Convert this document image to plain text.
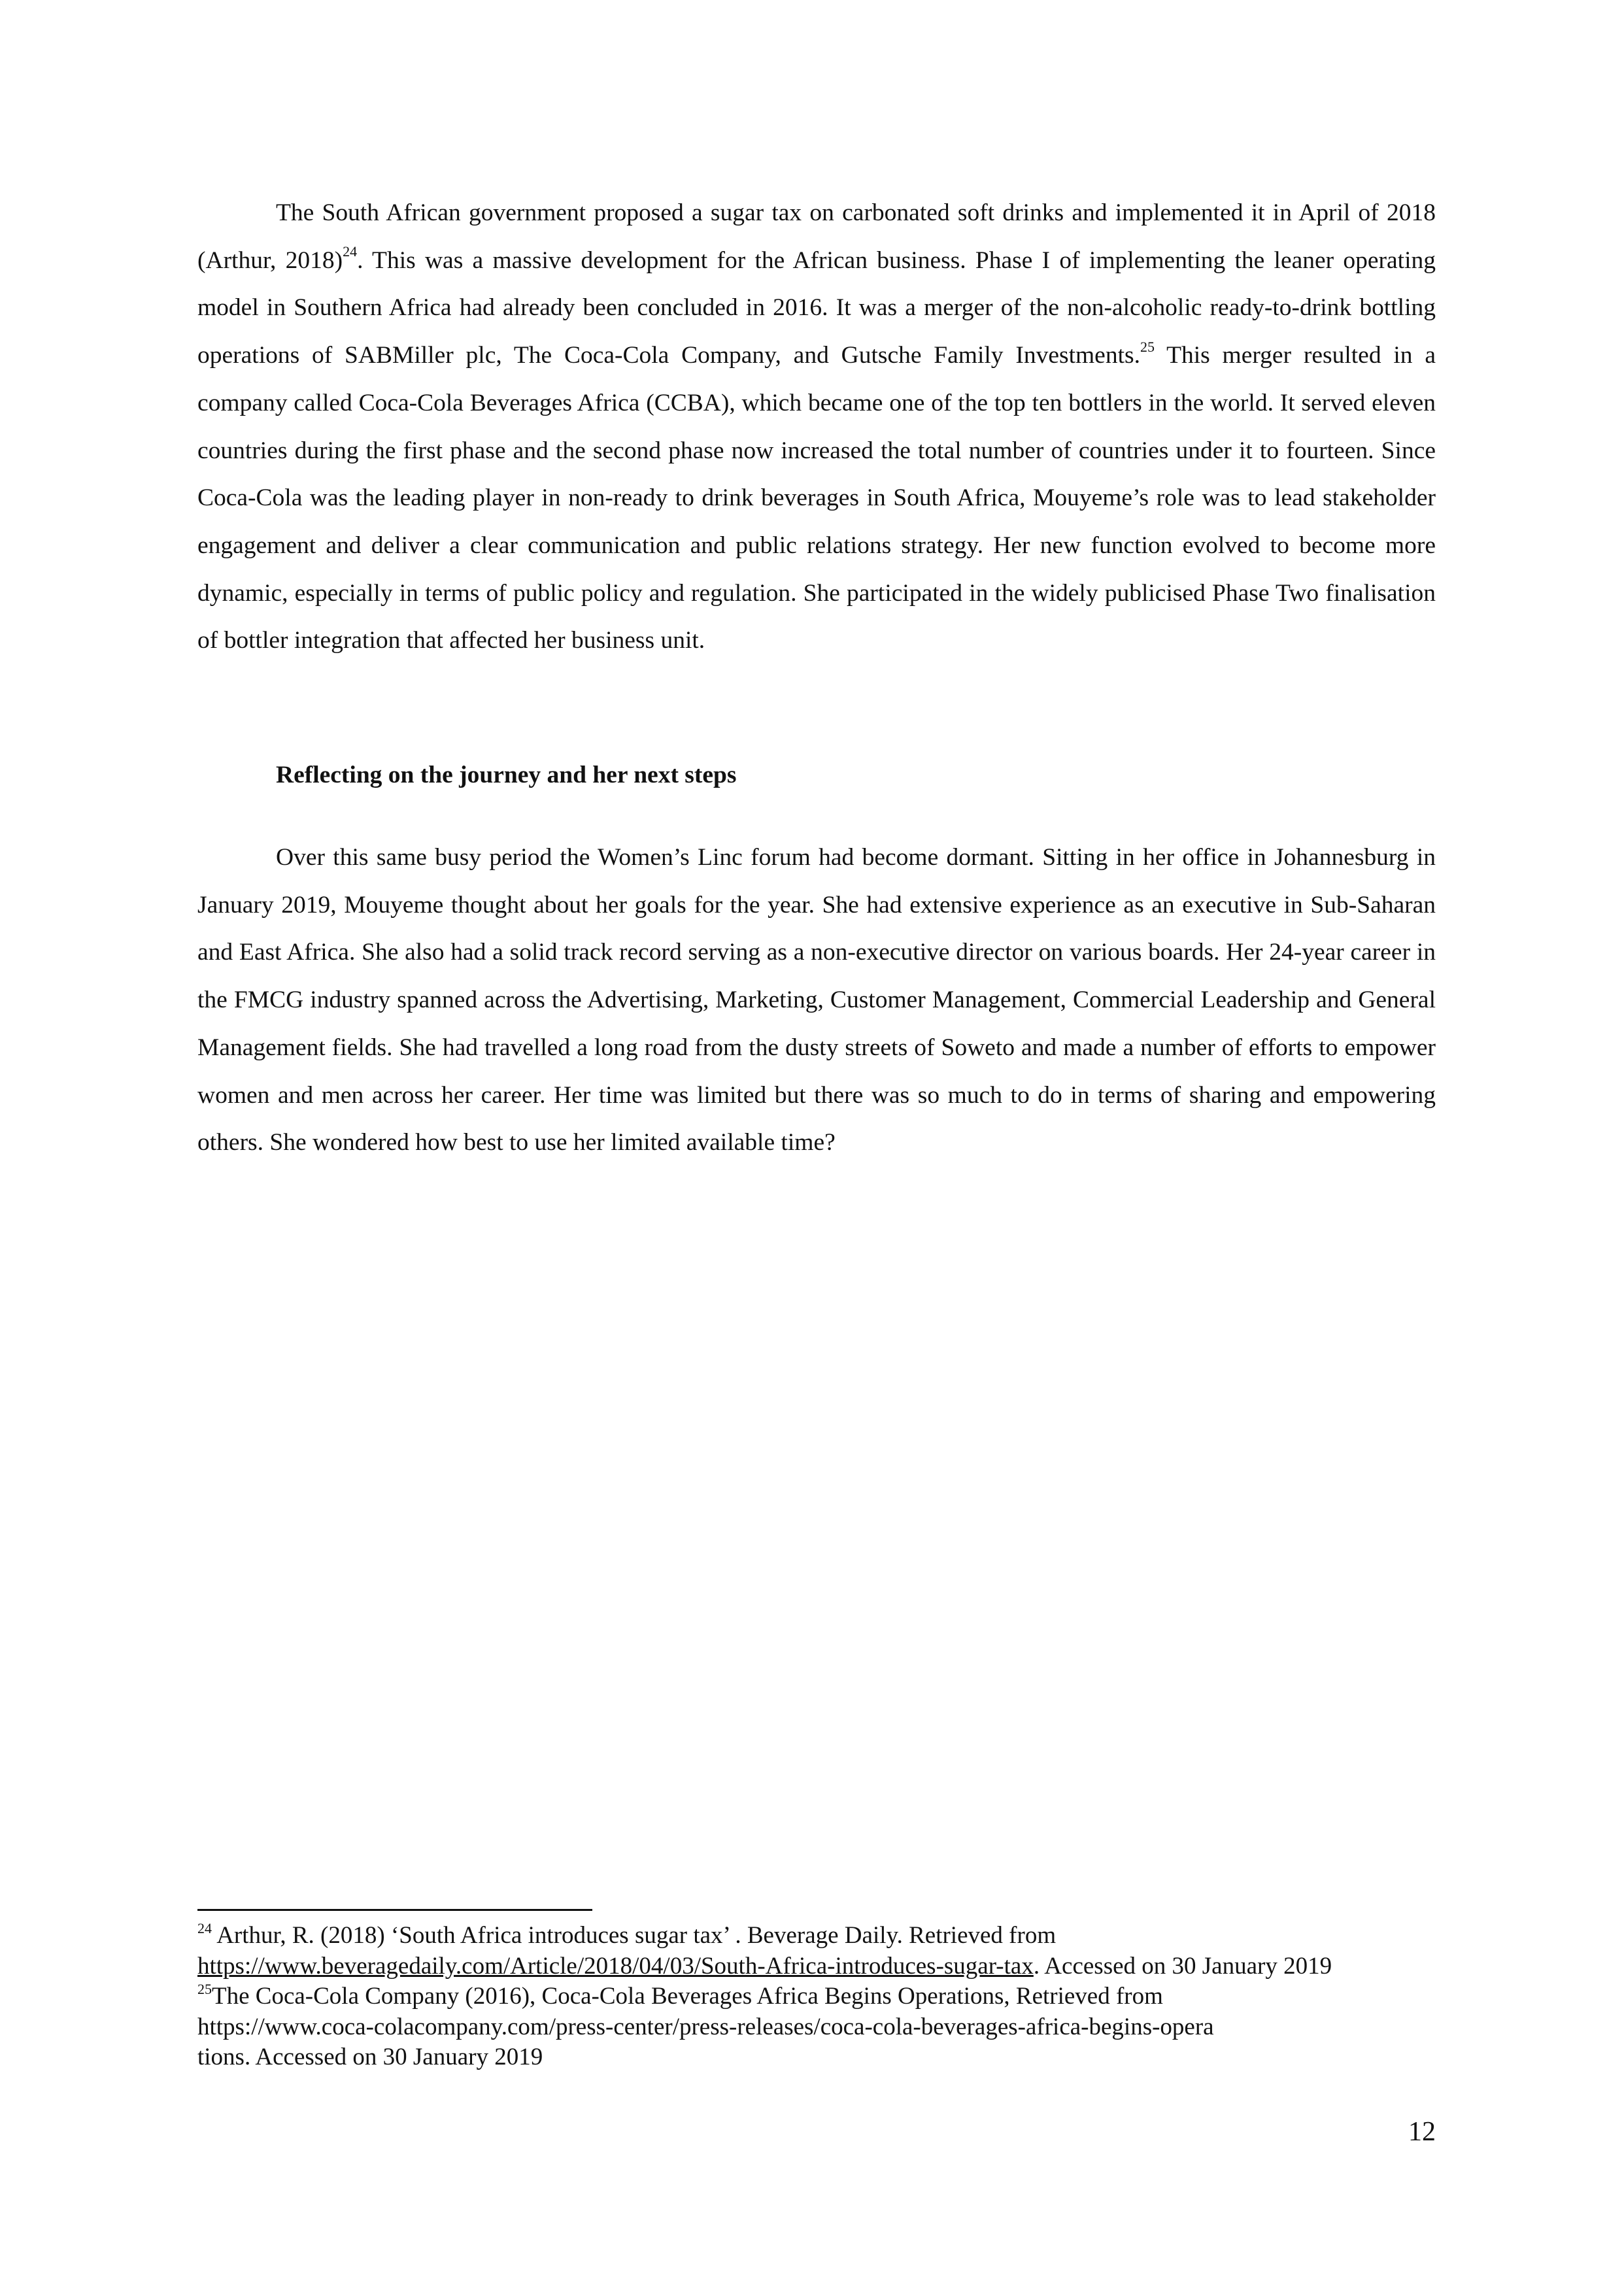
The South African government proposed a sugar tax on carbonated soft drinks and implemented it in April of 2018 (Arthur, 2018)$^{24}$. This was a massive development for the African business. Phase I of implementing the leaner operating model in Southern Africa had already been concluded in 2016. It was a merger of the non-alcoholic ready-to-drink bottling operations of SABMiller plc, The Coca-Cola Company, and Gutsche Family Investments.$^{25}$ This merger resulted in a company called Coca-Cola Beverages Africa (CCBA), which became one of the top ten bottlers in the world. It served eleven countries during the first phase and the second phase now increased the total number of countries under it to fourteen. Since Coca-Cola was the leading player in non-ready to drink beverages in South Africa, Mouyeme’s role was to lead stakeholder engagement and deliver a clear communication and public relations strategy. Her new function evolved to become more dynamic, especially in terms of public policy and regulation. She participated in the widely publicised Phase Two finalisation of bottler integration that affected her business unit.

Reflecting on the journey and her next steps

Over this same busy period the Women’s Linc forum had become dormant. Sitting in her office in Johannesburg in January 2019, Mouyeme thought about her goals for the year. She had extensive experience as an executive in Sub-Saharan and East Africa. She also had a solid track record serving as a non-executive director on various boards. Her 24-year career in the FMCG industry spanned across the Advertising, Marketing, Customer Management, Commercial Leadership and General Management fields. She had travelled a long road from the dusty streets of Soweto and made a number of efforts to empower women and men across her career. Her time was limited but there was so much to do in terms of sharing and empowering others. She wondered how best to use her limited available time?

$^{24}$ Arthur, R. (2018) ‘South Africa introduces sugar tax’ . Beverage Daily. Retrieved from
https://www.beveragedaily.com/Article/2018/04/03/South-Africa-introduces-sugar-tax. Accessed on 30 January 2019

$^{25}$The Coca-Cola Company (2016), Coca-Cola Beverages Africa Begins Operations, Retrieved from
https://www.coca-colacompany.com/press-center/press-releases/coca-cola-beverages-africa-begins-opera
tions. Accessed on 30 January 2019

12
